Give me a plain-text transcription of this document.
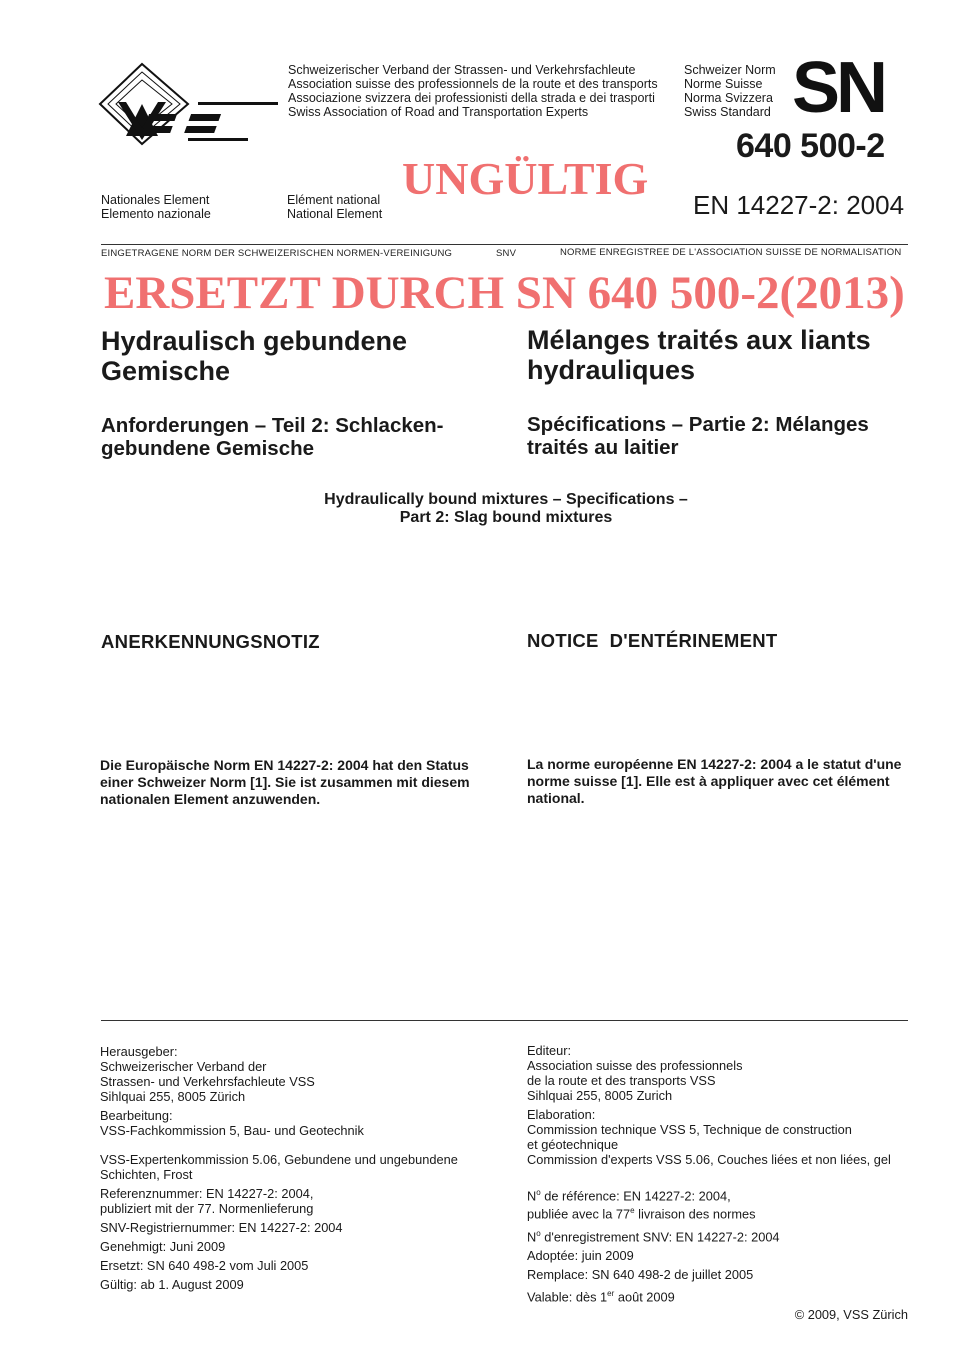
Schweizerischer Verband der Strassen- und Verkehrsfachleute
Association suisse des professionnels de la route et des transports
Associazione svizzera dei professionisti della strada e dei trasporti
Swiss Association of Road and Transportation Experts
Schweizer Norm
Norme Suisse
Norma Svizzera
Swiss Standard SN
640 500-2
UNGÜLTIG
Nationales Element
Elemento nazionale
Elément national
National Element	EN 14227-2: 2004
EINGETRAGENE NORM DER SCHWEIZERISCHEN NORMEN-VEREINIGUNG	SNV	NORME ENREGISTREE DE L'ASSOCIATION SUISSE DE NORMALISATION
ERSETZT DURCH SN 640 500-2(2013)
Hydraulisch gebundene
Gemische
Mélanges traités aux liants
hydrauliques
Anforderungen – Teil 2: Schlacken-
gebundene Gemische
Spécifications – Partie 2: Mélanges
traités au laitier
Hydraulically bound mixtures – Specifications –
Part 2: Slag bound mixtures
ANERKENNUNGSNOTIZ	NOTICE  D'ENTÉRINEMENT
Die Europäische Norm EN 14227-2: 2004 hat den Status
einer Schweizer Norm [1]. Sie ist zusammen mit diesem
nationalen Element anzuwenden.
La norme européenne EN 14227-2: 2004 a le statut d'une
norme suisse [1]. Elle est à appliquer avec cet élément
national.
Herausgeber:
Schweizerischer Verband der
Strassen- und Verkehrsfachleute VSS
Sihlquai 255, 8005 Zürich
Bearbeitung:
VSS-Fachkommission 5, Bau- und Geotechnik
VSS-Expertenkommission 5.06, Gebundene und ungebundene
Schichten, Frost
Referenznummer: EN 14227-2: 2004,
publiziert mit der 77. Normenlieferung
SNV-Registriernummer: EN 14227-2: 2004
Genehmigt: Juni 2009
Ersetzt: SN 640 498-2 vom Juli 2005
Gültig: ab 1. August 2009
Editeur:
Association suisse des professionnels
de la route et des transports VSS
Sihlquai 255, 8005 Zurich
Elaboration:
Commission technique VSS 5, Technique de construction
et géotechnique
Commission d'experts VSS 5.06, Couches liées et non liées, gel
$N^o$ de référence: EN 14227-2: 2004,
publiée avec la 77e livraison des normes
$N^o$ d'enregistrement SNV: EN 14227-2: 2004
Adoptée: juin 2009
Remplace: SN 640 498-2 de juillet 2005
Valable: dès 1er août 2009
© 2009, VSS Zürich
